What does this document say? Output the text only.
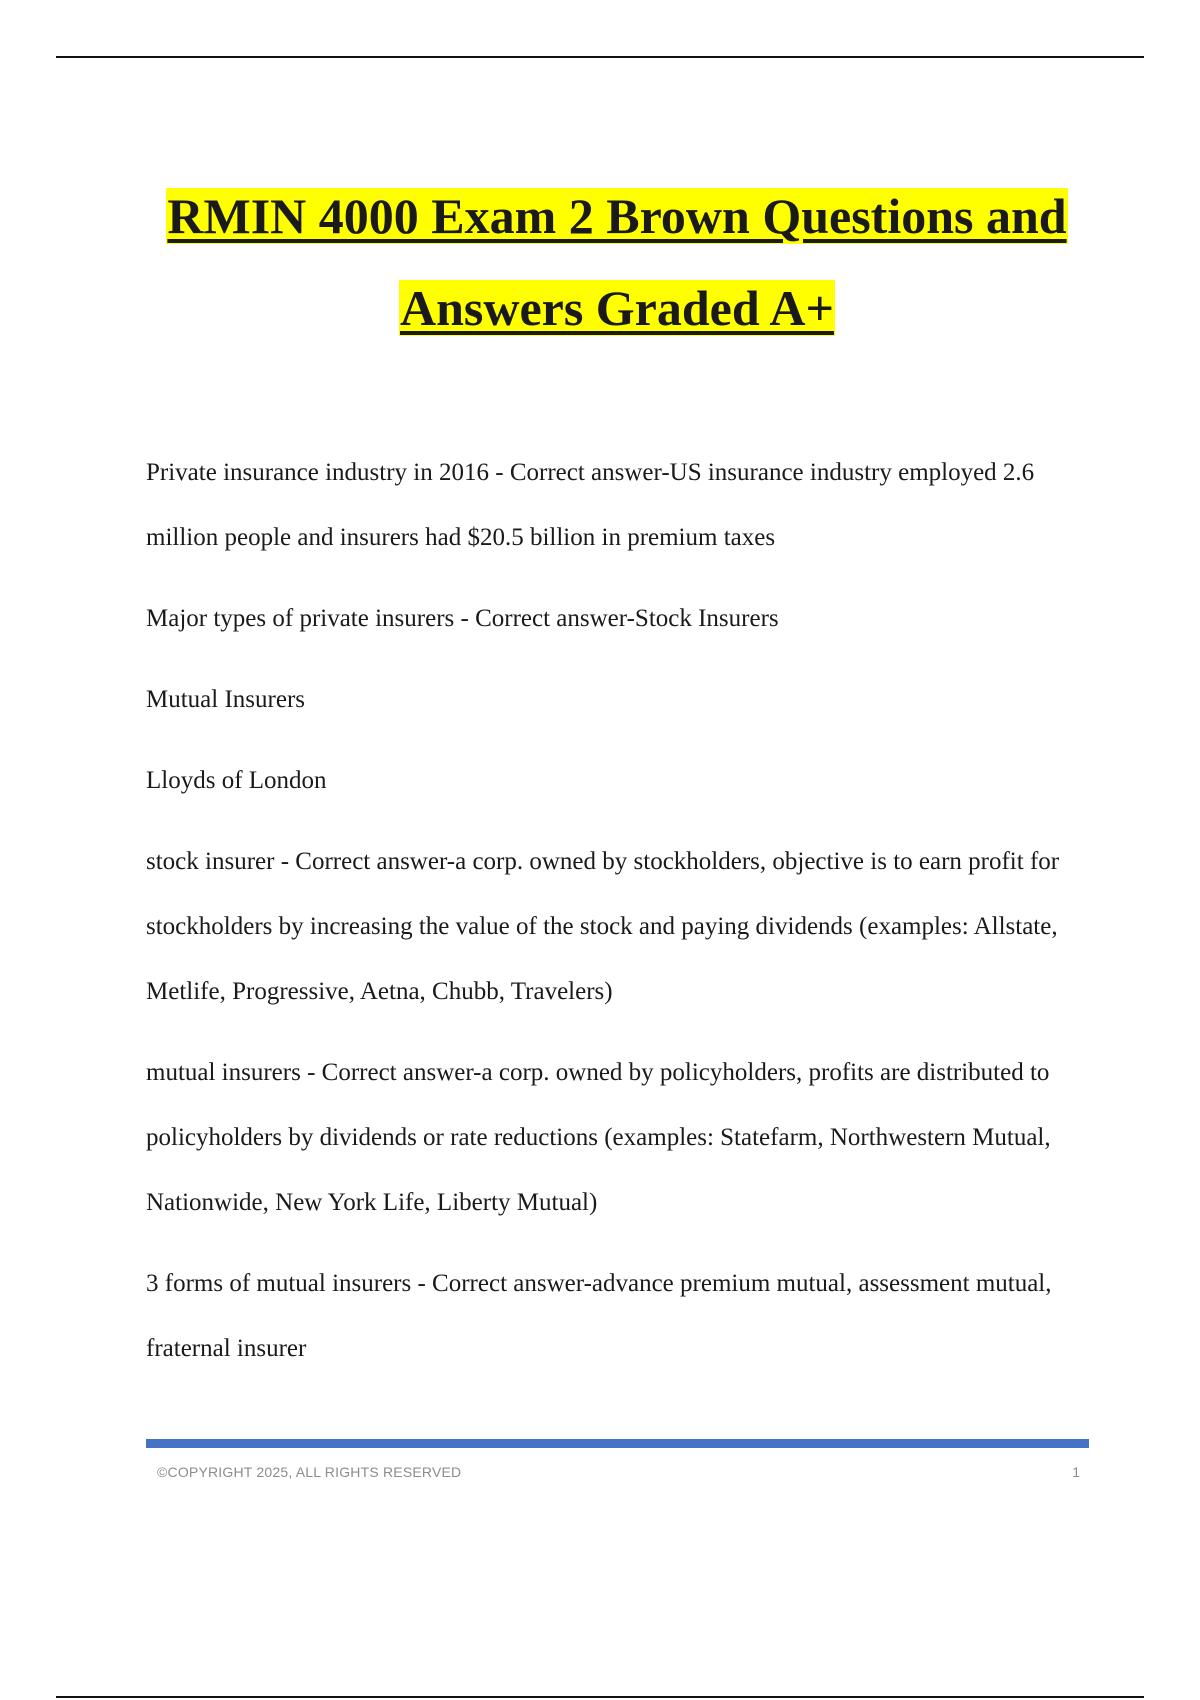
RMIN 4000 Exam 2 Brown Questions and
Answers Graded A+

Private insurance industry in 2016 - Correct answer-US insurance industry employed 2.6 million people and insurers had $20.5 billion in premium taxes

Major types of private insurers - Correct answer-Stock Insurers

Mutual Insurers

Lloyds of London

stock insurer - Correct answer-a corp. owned by stockholders, objective is to earn profit for stockholders by increasing the value of the stock and paying dividends (examples: Allstate, Metlife, Progressive, Aetna, Chubb, Travelers)

mutual insurers - Correct answer-a corp. owned by policyholders, profits are distributed to policyholders by dividends or rate reductions (examples: Statefarm, Northwestern Mutual, Nationwide, New York Life, Liberty Mutual)

3 forms of mutual insurers - Correct answer-advance premium mutual, assessment mutual, fraternal insurer

©COPYRIGHT 2025, ALL RIGHTS RESERVED	1
